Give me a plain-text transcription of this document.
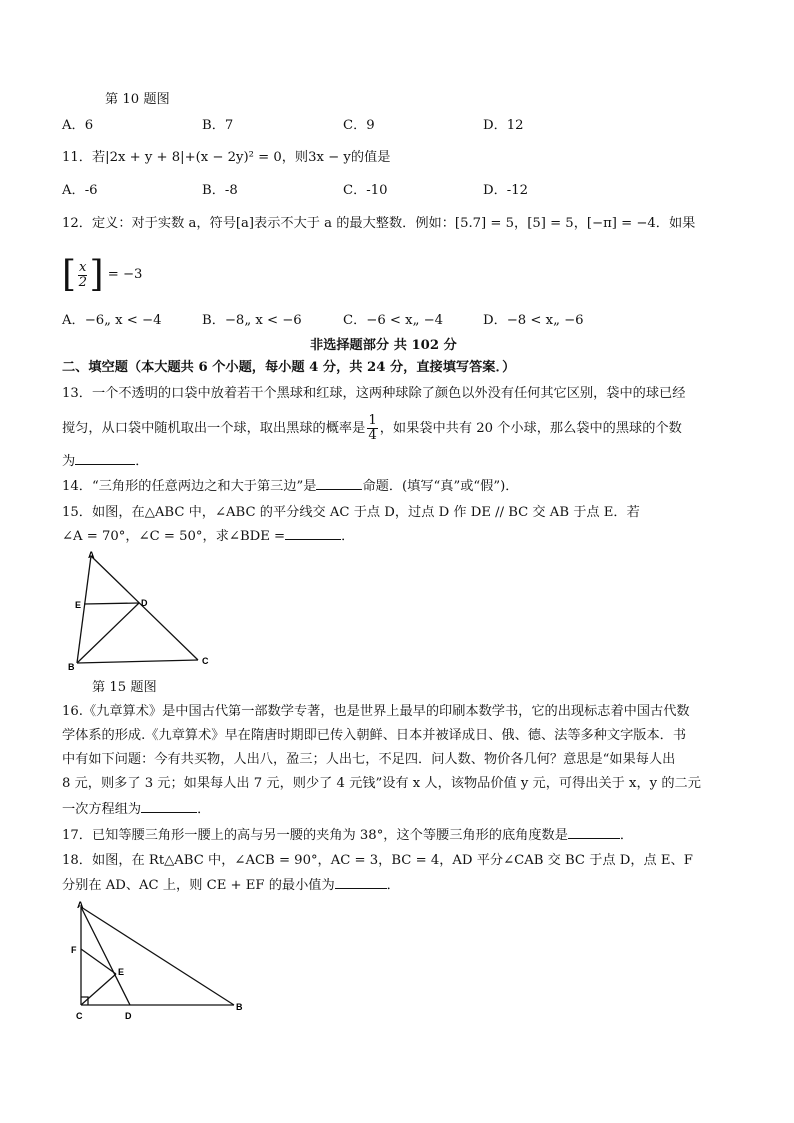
第 10 题图
A．6	B．7	C．9	D．12
11．若|2x + y + 8|+(x − 2y)² = 0，则3x − y的值是
A．-6	B．-8	C．-10	D．-12
12．定义：对于实数 a，符号[a]表示不大于 a 的最大整数．例如：[5.7] = 5，[5] = 5，[−π] = −4．如果
[ $\frac{x}{2}$ ] = −3
A．−6„ x < −4	B．−8„ x < −6	C．−6 < x„ −4	D．−8 < x„ −6
非选择题部分 共 102 分
二、填空题（本大题共 6 个小题，每小题 4 分，共 24 分，直接填写答案．）
13．一个不透明的口袋中放着若干个黑球和红球，这两种球除了颜色以外没有任何其它区别，袋中的球已经
搅匀，从口袋中随机取出一个球，取出黑球的概率是 $\frac{1}{4}$ ，如果袋中共有 20 个小球，那么袋中的黑球的个数
为	．
14．“三角形的任意两边之和大于第三边”是	命题．(填写“真”或“假”)．
15．如图，在△ABC 中，∠ABC 的平分线交 AC 于点 D，过点 D 作 DE // BC 交 AB 于点 E．若
∠A = 70°，∠C = 50°，求∠BDE =	．
A
E	D
B
C
第 15 题图
16.《九章算术》是中国古代第一部数学专著，也是世界上最早的印刷本数学书，它的出现标志着中国古代数
学体系的形成.《九章算术》早在隋唐时期即已传入朝鲜、日本并被译成日、俄、德、法等多种文字版本．书
中有如下问题：今有共买物，人出八，盈三；人出七，不足四．问人数、物价各几何？意思是“如果每人出
8 元，则多了 3 元；如果每人出 7 元，则少了 4 元钱”设有 x 人，该物品价值 y 元，可得出关于 x，y 的二元
一次方程组为	．
17．已知等腰三角形一腰上的高与另一腰的夹角为 38°，这个等腰三角形的底角度数是	．
18．如图，在 Rt△ABC 中，∠ACB = 90°，AC = 3，BC = 4，AD 平分∠CAB 交 BC 于点 D，点 E、F
分别在 AD、AC 上，则 CE + EF 的最小值为	．
A
F
E
C	D
B
